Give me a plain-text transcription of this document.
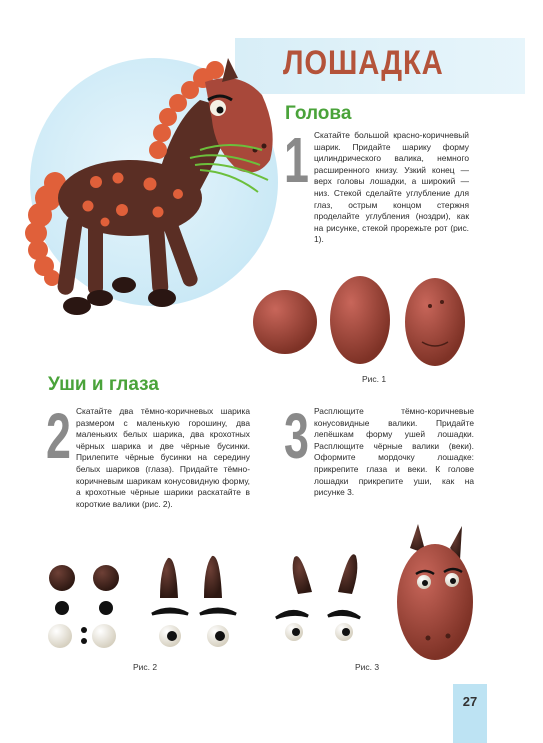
ЛОШАДКА
Голова
1 Скатайте большой красно-коричневый шарик. Придайте шарику форму цилиндрического валика, немного расширенного книзу. Узкий конец — верх головы лошадки, а широкий — низ. Стекой сделайте углубление для глаз, острым концом стержня проделайте углубления (ноздри), как на рисунке, стекой прорежьте рот (рис. 1).
Рис. 1
Уши и глаза
2 Скатайте два тёмно-коричневых шарика размером с маленькую горошину, два маленьких белых шарика, два крохотных чёрных шарика и две чёрные бусинки. Прилепите чёрные бусинки на середину белых шариков (глаза). Придайте тёмно-коричневым шарикам конусовидную форму, а крохотные чёрные шарики раскатайте в короткие валики (рис. 2).
3 Расплющите тёмно-коричневые конусовидные валики. Придайте лепёшкам форму ушей лошадки. Расплющите чёрные валики (веки). Оформите мордочку лошадке: прикрепите глаза и веки. К голове лошадки прикрепите уши, как на рисунке 3.
Рис. 2	Рис. 3
27
